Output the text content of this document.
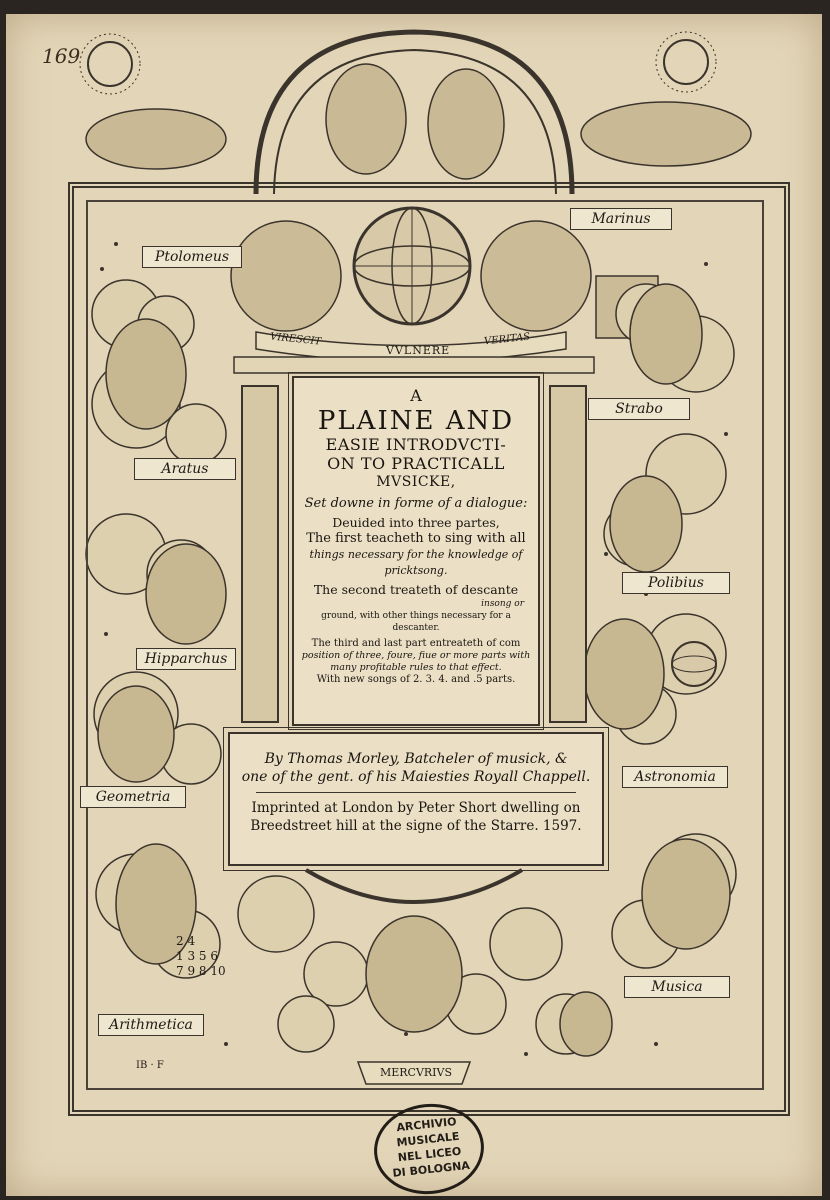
169
VIRESCIT
VVLNERE
VERITAS
Ptolomeus
Marinus
Strabo
Aratus
Polibius
Hipparchus
Astronomia
Geometria
Musica
Arithmetica
MERCVRIVS
2 4
1 3 5 6
7 9 8 10
IB · F
A
PLAINE AND
EASIE INTRODVCTI-
ON TO PRACTICALL
MVSICKE,
Set downe in forme of a dialogue:
Deuided into three partes,
The first teacheth to sing with all
things necessary for the knowledge of
pricktsong.
The second treateth of descante
insong or
ground, with other things necessary for a descanter.
The third and last part entreateth of com
position of three, foure, fiue or more parts with
many profitable rules to that effect.
With new songs of 2. 3. 4. and .5 parts.
By Thomas Morley, Batcheler of musick, &
one of the gent. of his Maiesties Royall Chappell.
Imprinted at London by Peter Short dwelling on
Breedstreet hill at the signe of the Starre. 1597.
ARCHIVIO
MUSICALE
NEL LICEO
DI BOLOGNA
